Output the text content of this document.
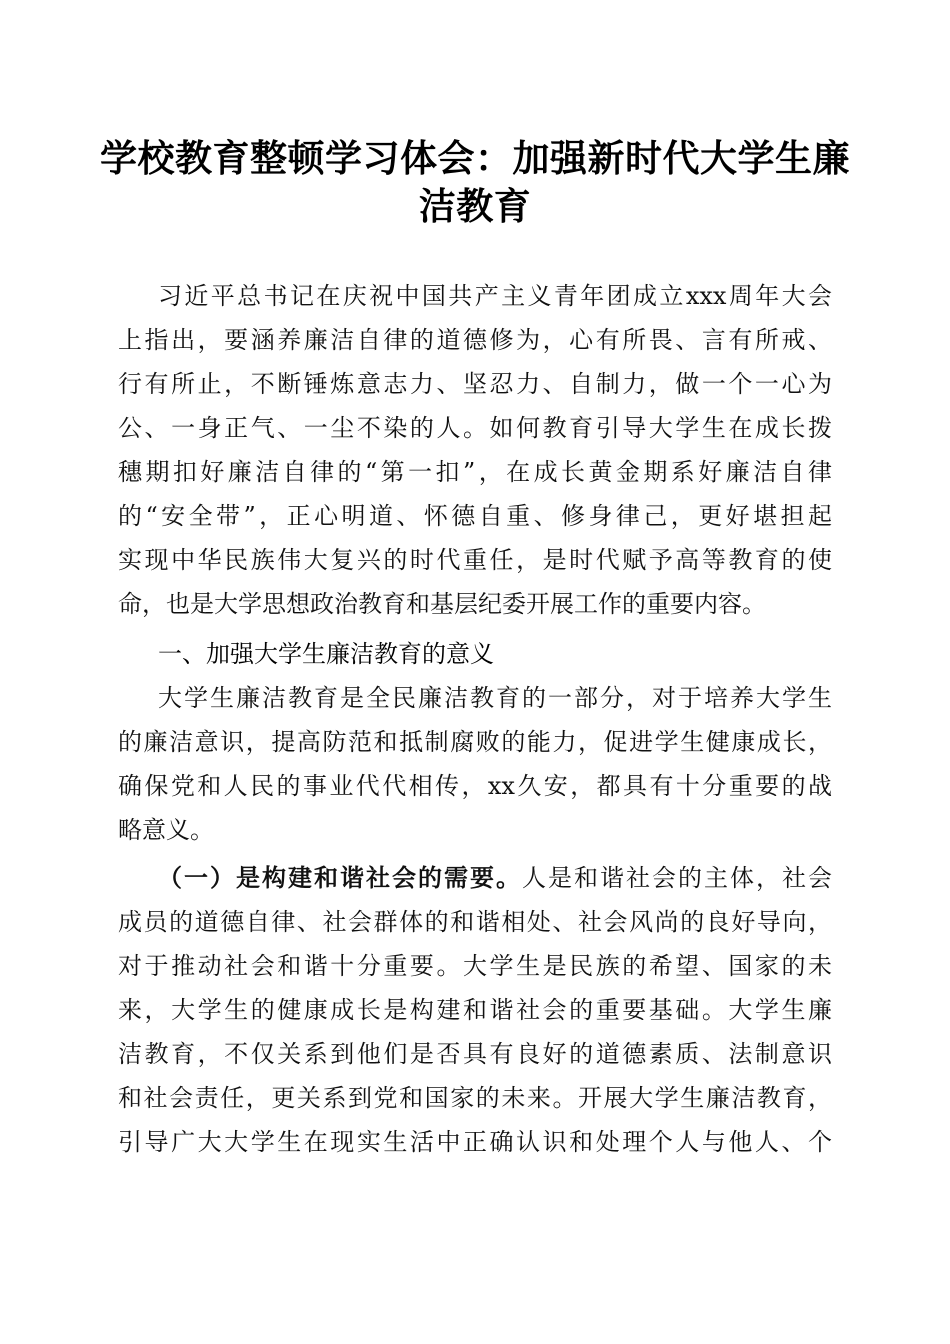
学校教育整顿学习体会：加强新时代大学生廉
洁教育
习近平总书记在庆祝中国共产主义青年团成立xxx周年大会
上指出，要涵养廉洁自律的道德修为，心有所畏、言有所戒、
行有所止，不断锤炼意志力、坚忍力、自制力，做一个一心为
公、一身正气、一尘不染的人。如何教育引导大学生在成长拨
穗期扣好廉洁自律的“第一扣”，在成长黄金期系好廉洁自律
的“安全带”，正心明道、怀德自重、修身律己，更好堪担起
实现中华民族伟大复兴的时代重任，是时代赋予高等教育的使
命，也是大学思想政治教育和基层纪委开展工作的重要内容。
一、加强大学生廉洁教育的意义
大学生廉洁教育是全民廉洁教育的一部分，对于培养大学生
的廉洁意识，提高防范和抵制腐败的能力，促进学生健康成长，
确保党和人民的事业代代相传，xx久安，都具有十分重要的战
略意义。
（一）是构建和谐社会的需要。人是和谐社会的主体，社会
成员的道德自律、社会群体的和谐相处、社会风尚的良好导向，
对于推动社会和谐十分重要。大学生是民族的希望、国家的未
来，大学生的健康成长是构建和谐社会的重要基础。大学生廉
洁教育，不仅关系到他们是否具有良好的道德素质、法制意识
和社会责任，更关系到党和国家的未来。开展大学生廉洁教育，
引导广大大学生在现实生活中正确认识和处理个人与他人、个
